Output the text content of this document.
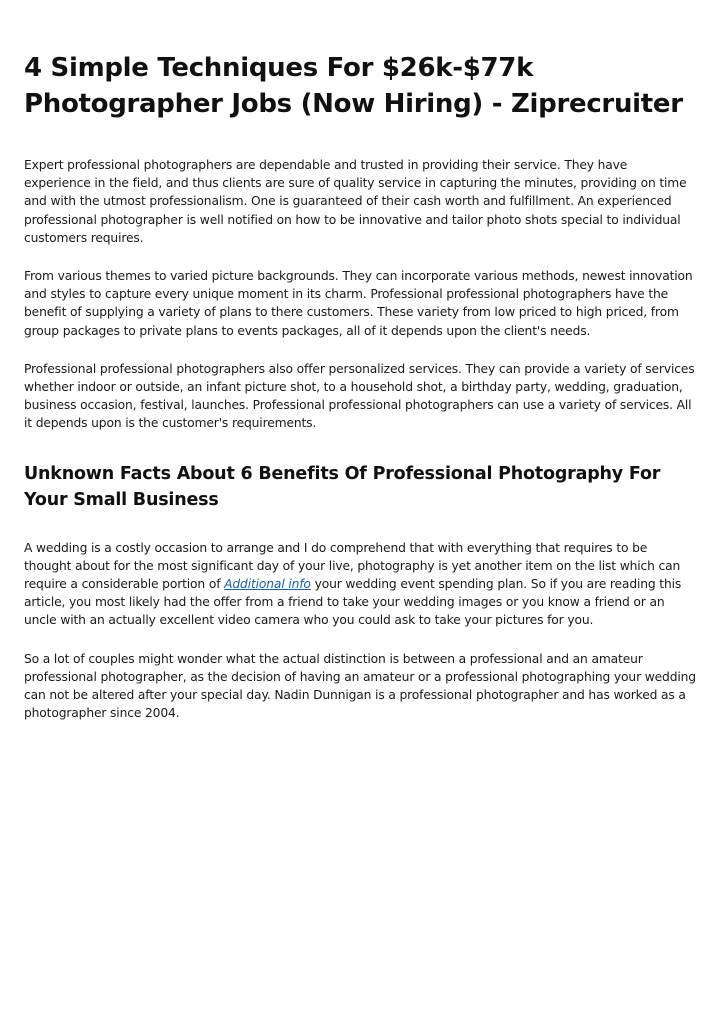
4 Simple Techniques For $26k-$77k Photographer Jobs (Now Hiring) - Ziprecruiter

Expert professional photographers are dependable and trusted in providing their service. They have experience in the field, and thus clients are sure of quality service in capturing the minutes, providing on time and with the utmost professionalism. One is guaranteed of their cash worth and fulfillment. An experienced professional photographer is well notified on how to be innovative and tailor photo shots special to individual customers requires.

From various themes to varied picture backgrounds. They can incorporate various methods, newest innovation and styles to capture every unique moment in its charm. Professional professional photographers have the benefit of supplying a variety of plans to there customers. These variety from low priced to high priced, from group packages to private plans to events packages, all of it depends upon the client's needs.

Professional professional photographers also offer personalized services. They can provide a variety of services whether indoor or outside, an infant picture shot, to a household shot, a birthday party, wedding, graduation, business occasion, festival, launches. Professional professional photographers can use a variety of services. All it depends upon is the customer's requirements.

Unknown Facts About 6 Benefits Of Professional Photography For Your Small Business

A wedding is a costly occasion to arrange and I do comprehend that with everything that requires to be thought about for the most significant day of your live, photography is yet another item on the list which can require a considerable portion of Additional info your wedding event spending plan. So if you are reading this article, you most likely had the offer from a friend to take your wedding images or you know a friend or an uncle with an actually excellent video camera who you could ask to take your pictures for you.

So a lot of couples might wonder what the actual distinction is between a professional and an amateur professional photographer, as the decision of having an amateur or a professional photographing your wedding can not be altered after your special day. Nadin Dunnigan is a professional photographer and has worked as a photographer since 2004.
